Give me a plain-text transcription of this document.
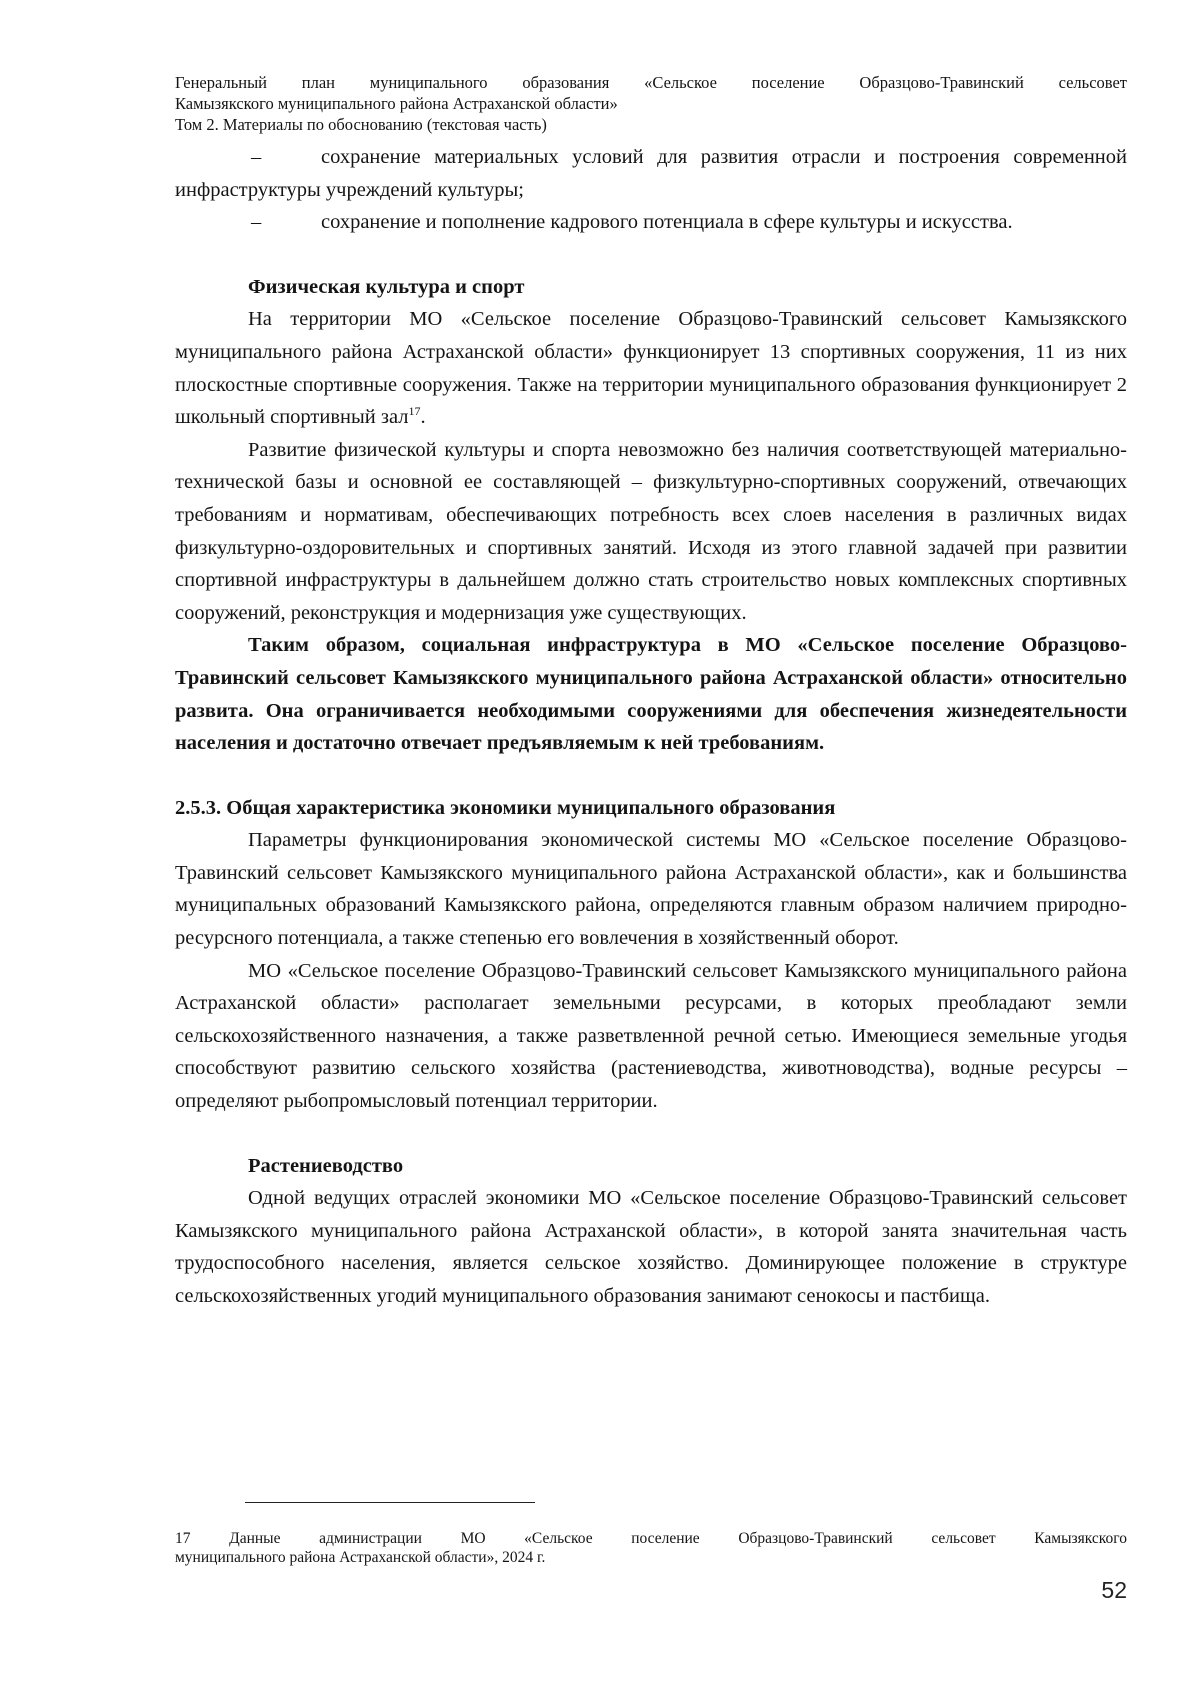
Генеральный план муниципального образования «Сельское поселение Образцово-Травинский сельсовет
Камызякского муниципального района Астраханской области»
Том 2. Материалы по обоснованию (текстовая часть)

–	сохранение материальных условий для развития отрасли и построения современной инфраструктуры учреждений культуры;

–	сохранение и пополнение кадрового потенциала в сфере культуры и искусства.

Физическая культура и спорт

На территории МО «Сельское поселение Образцово-Травинский сельсовет Камызякского муниципального района Астраханской области» функционирует 13 спортивных сооружения, 11 из них плоскостные спортивные сооружения. Также на территории муниципального образования функционирует 2 школьный спортивный зал$^{17}$.

Развитие физической культуры и спорта невозможно без наличия соответствующей материально-технической базы и основной ее составляющей – физкультурно-спортивных сооружений, отвечающих требованиям и нормативам, обеспечивающих потребность всех слоев населения в различных видах физкультурно-оздоровительных и спортивных занятий. Исходя из этого главной задачей при развитии спортивной инфраструктуры в дальнейшем должно стать строительство новых комплексных спортивных сооружений, реконструкция и модернизация уже существующих.

Таким образом, социальная инфраструктура в МО «Сельское поселение Образцово-Травинский сельсовет Камызякского муниципального района Астраханской области» относительно развита. Она ограничивается необходимыми сооружениями для обеспечения жизнедеятельности населения и достаточно отвечает предъявляемым к ней требованиям.

2.5.3. Общая характеристика экономики муниципального образования

Параметры функционирования экономической системы МО «Сельское поселение Образцово-Травинский сельсовет Камызякского муниципального района Астраханской области», как и большинства муниципальных образований Камызякского района, определяются главным образом наличием природно-ресурсного потенциала, а также степенью его вовлечения в хозяйственный оборот.

МО «Сельское поселение Образцово-Травинский сельсовет Камызякского муниципального района Астраханской области» располагает земельными ресурсами, в которых преобладают земли сельскохозяйственного назначения, а также разветвленной речной сетью. Имеющиеся земельные угодья способствуют развитию сельского хозяйства (растениеводства, животноводства), водные ресурсы – определяют рыбопромысловый потенциал территории.

Растениеводство

Одной ведущих отраслей экономики МО «Сельское поселение Образцово-Травинский сельсовет Камызякского муниципального района Астраханской области», в которой занята значительная часть трудоспособного населения, является сельское хозяйство. Доминирующее положение в структуре сельскохозяйственных угодий муниципального образования занимают сенокосы и пастбища.

17 Данные администрации МО «Сельское поселение Образцово-Травинский сельсовет Камызякского
муниципального района Астраханской области», 2024 г.
52
